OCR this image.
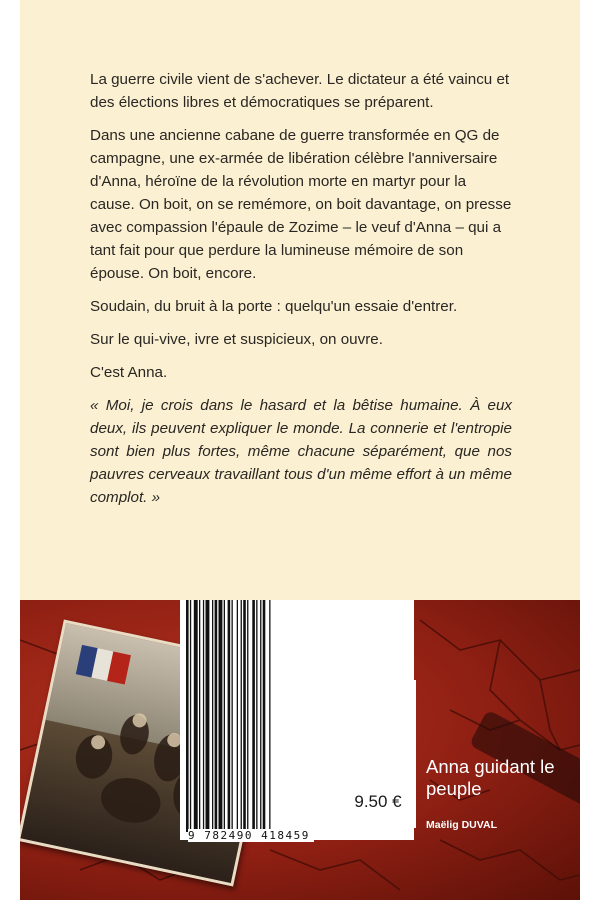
La guerre civile vient de s'achever. Le dictateur a été vaincu et des élections libres et démocratiques se préparent.

Dans une ancienne cabane de guerre transformée en QG de campagne, une ex-armée de libération célèbre l'anniversaire d'Anna, héroïne de la révolution morte en martyr pour la cause. On boit, on se remémore, on boit davantage, on presse avec compassion l'épaule de Zozime – le veuf d'Anna – qui a tant fait pour que perdure la lumineuse mémoire de son épouse. On boit, encore.

Soudain, du bruit à la porte : quelqu'un essaie d'entrer.

Sur le qui-vive, ivre et suspicieux, on ouvre.

C'est Anna.

« Moi, je crois dans le hasard et la bêtise humaine. À eux deux, ils peuvent expliquer le monde. La connerie et l'entropie sont bien plus fortes, même chacune séparément, que nos pauvres cerveaux travaillant tous d'un même effort à un même complot. »

9 782490 418459
9.50 €
Anna guidant le peuple
Maëlig DUVAL
